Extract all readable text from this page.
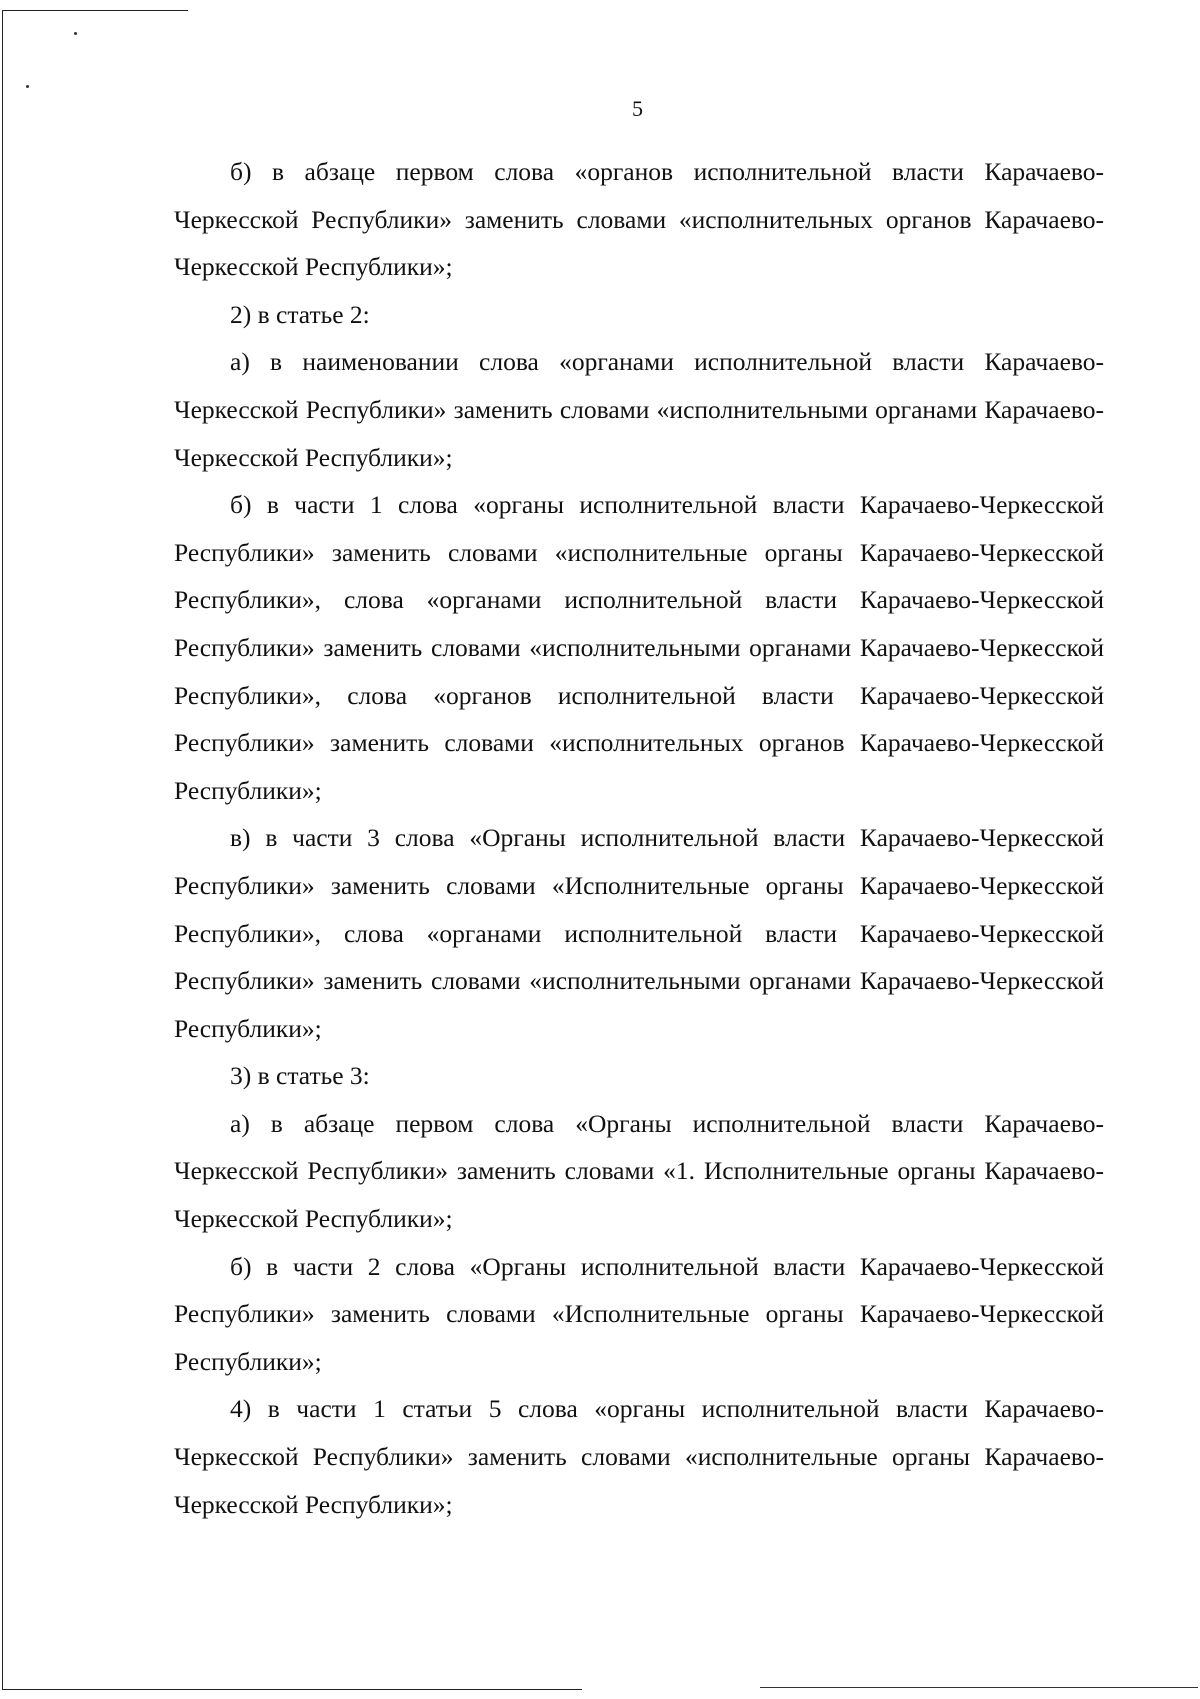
5

б) в абзаце первом слова «органов исполнительной власти Карачаево-Черкесской Республики» заменить словами «исполнительных органов Карачаево-Черкесской Республики»;

2) в статье 2:

а) в наименовании слова «органами исполнительной власти Карачаево-Черкесской Республики» заменить словами «исполнительными органами Карачаево-Черкесской Республики»;

б) в части 1 слова «органы исполнительной власти Карачаево-Черкесской Республики» заменить словами «исполнительные органы Карачаево-Черкесской Республики», слова «органами исполнительной власти Карачаево-Черкесской Республики» заменить словами «исполнительными органами Карачаево-Черкесской Республики», слова «органов исполнительной власти Карачаево-Черкесской Республики» заменить словами «исполнительных органов Карачаево-Черкесской Республики»;

в) в части 3 слова «Органы исполнительной власти Карачаево-Черкесской Республики» заменить словами «Исполнительные органы Карачаево-Черкесской Республики», слова «органами исполнительной власти Карачаево-Черкесской Республики» заменить словами «исполнительными органами Карачаево-Черкесской Республики»;

3) в статье 3:

а) в абзаце первом слова «Органы исполнительной власти Карачаево-Черкесской Республики» заменить словами «1. Исполнительные органы Карачаево-Черкесской Республики»;

б) в части 2 слова «Органы исполнительной власти Карачаево-Черкесской Республики» заменить словами «Исполнительные органы Карачаево-Черкесской Республики»;

4) в части 1 статьи 5 слова «органы исполнительной власти Карачаево-Черкесской Республики» заменить словами «исполнительные органы Карачаево-Черкесской Республики»;
